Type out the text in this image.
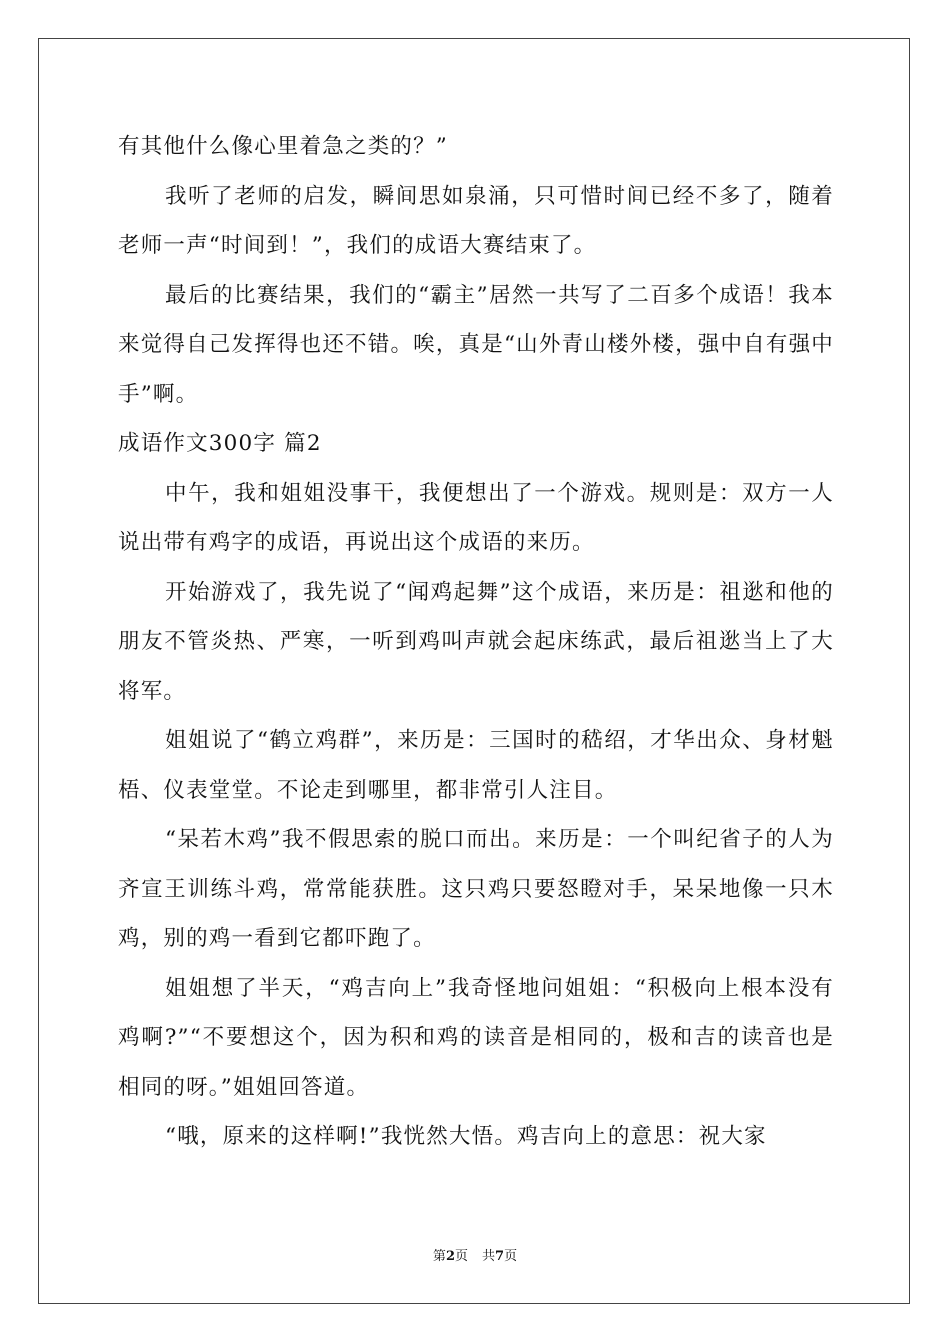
有其他什么像心里着急之类的？”

我听了老师的启发，瞬间思如泉涌，只可惜时间已经不多了，随着老师一声“时间到！”，我们的成语大赛结束了。

最后的比赛结果，我们的“霸主”居然一共写了二百多个成语！我本来觉得自己发挥得也还不错。唉，真是“山外青山楼外楼，强中自有强中手”啊。

成语作文300字 篇2

中午，我和姐姐没事干，我便想出了一个游戏。规则是：双方一人说出带有鸡字的成语，再说出这个成语的来历。

开始游戏了，我先说了“闻鸡起舞”这个成语，来历是：祖逖和他的朋友不管炎热、严寒，一听到鸡叫声就会起床练武，最后祖逖当上了大将军。

姐姐说了“鹤立鸡群”，来历是：三国时的嵇绍，才华出众、身材魁梧、仪表堂堂。不论走到哪里，都非常引人注目。

“呆若木鸡”我不假思索的脱口而出。来历是：一个叫纪省子的人为齐宣王训练斗鸡，常常能获胜。这只鸡只要怒瞪对手，呆呆地像一只木鸡，别的鸡一看到它都吓跑了。

姐姐想了半天，“鸡吉向上”我奇怪地问姐姐：“积极向上根本没有鸡啊?”“不要想这个，因为积和鸡的读音是相同的，极和吉的读音也是相同的呀。”姐姐回答道。

“哦，原来的这样啊!”我恍然大悟。鸡吉向上的意思：祝大家

第2页 共7页
